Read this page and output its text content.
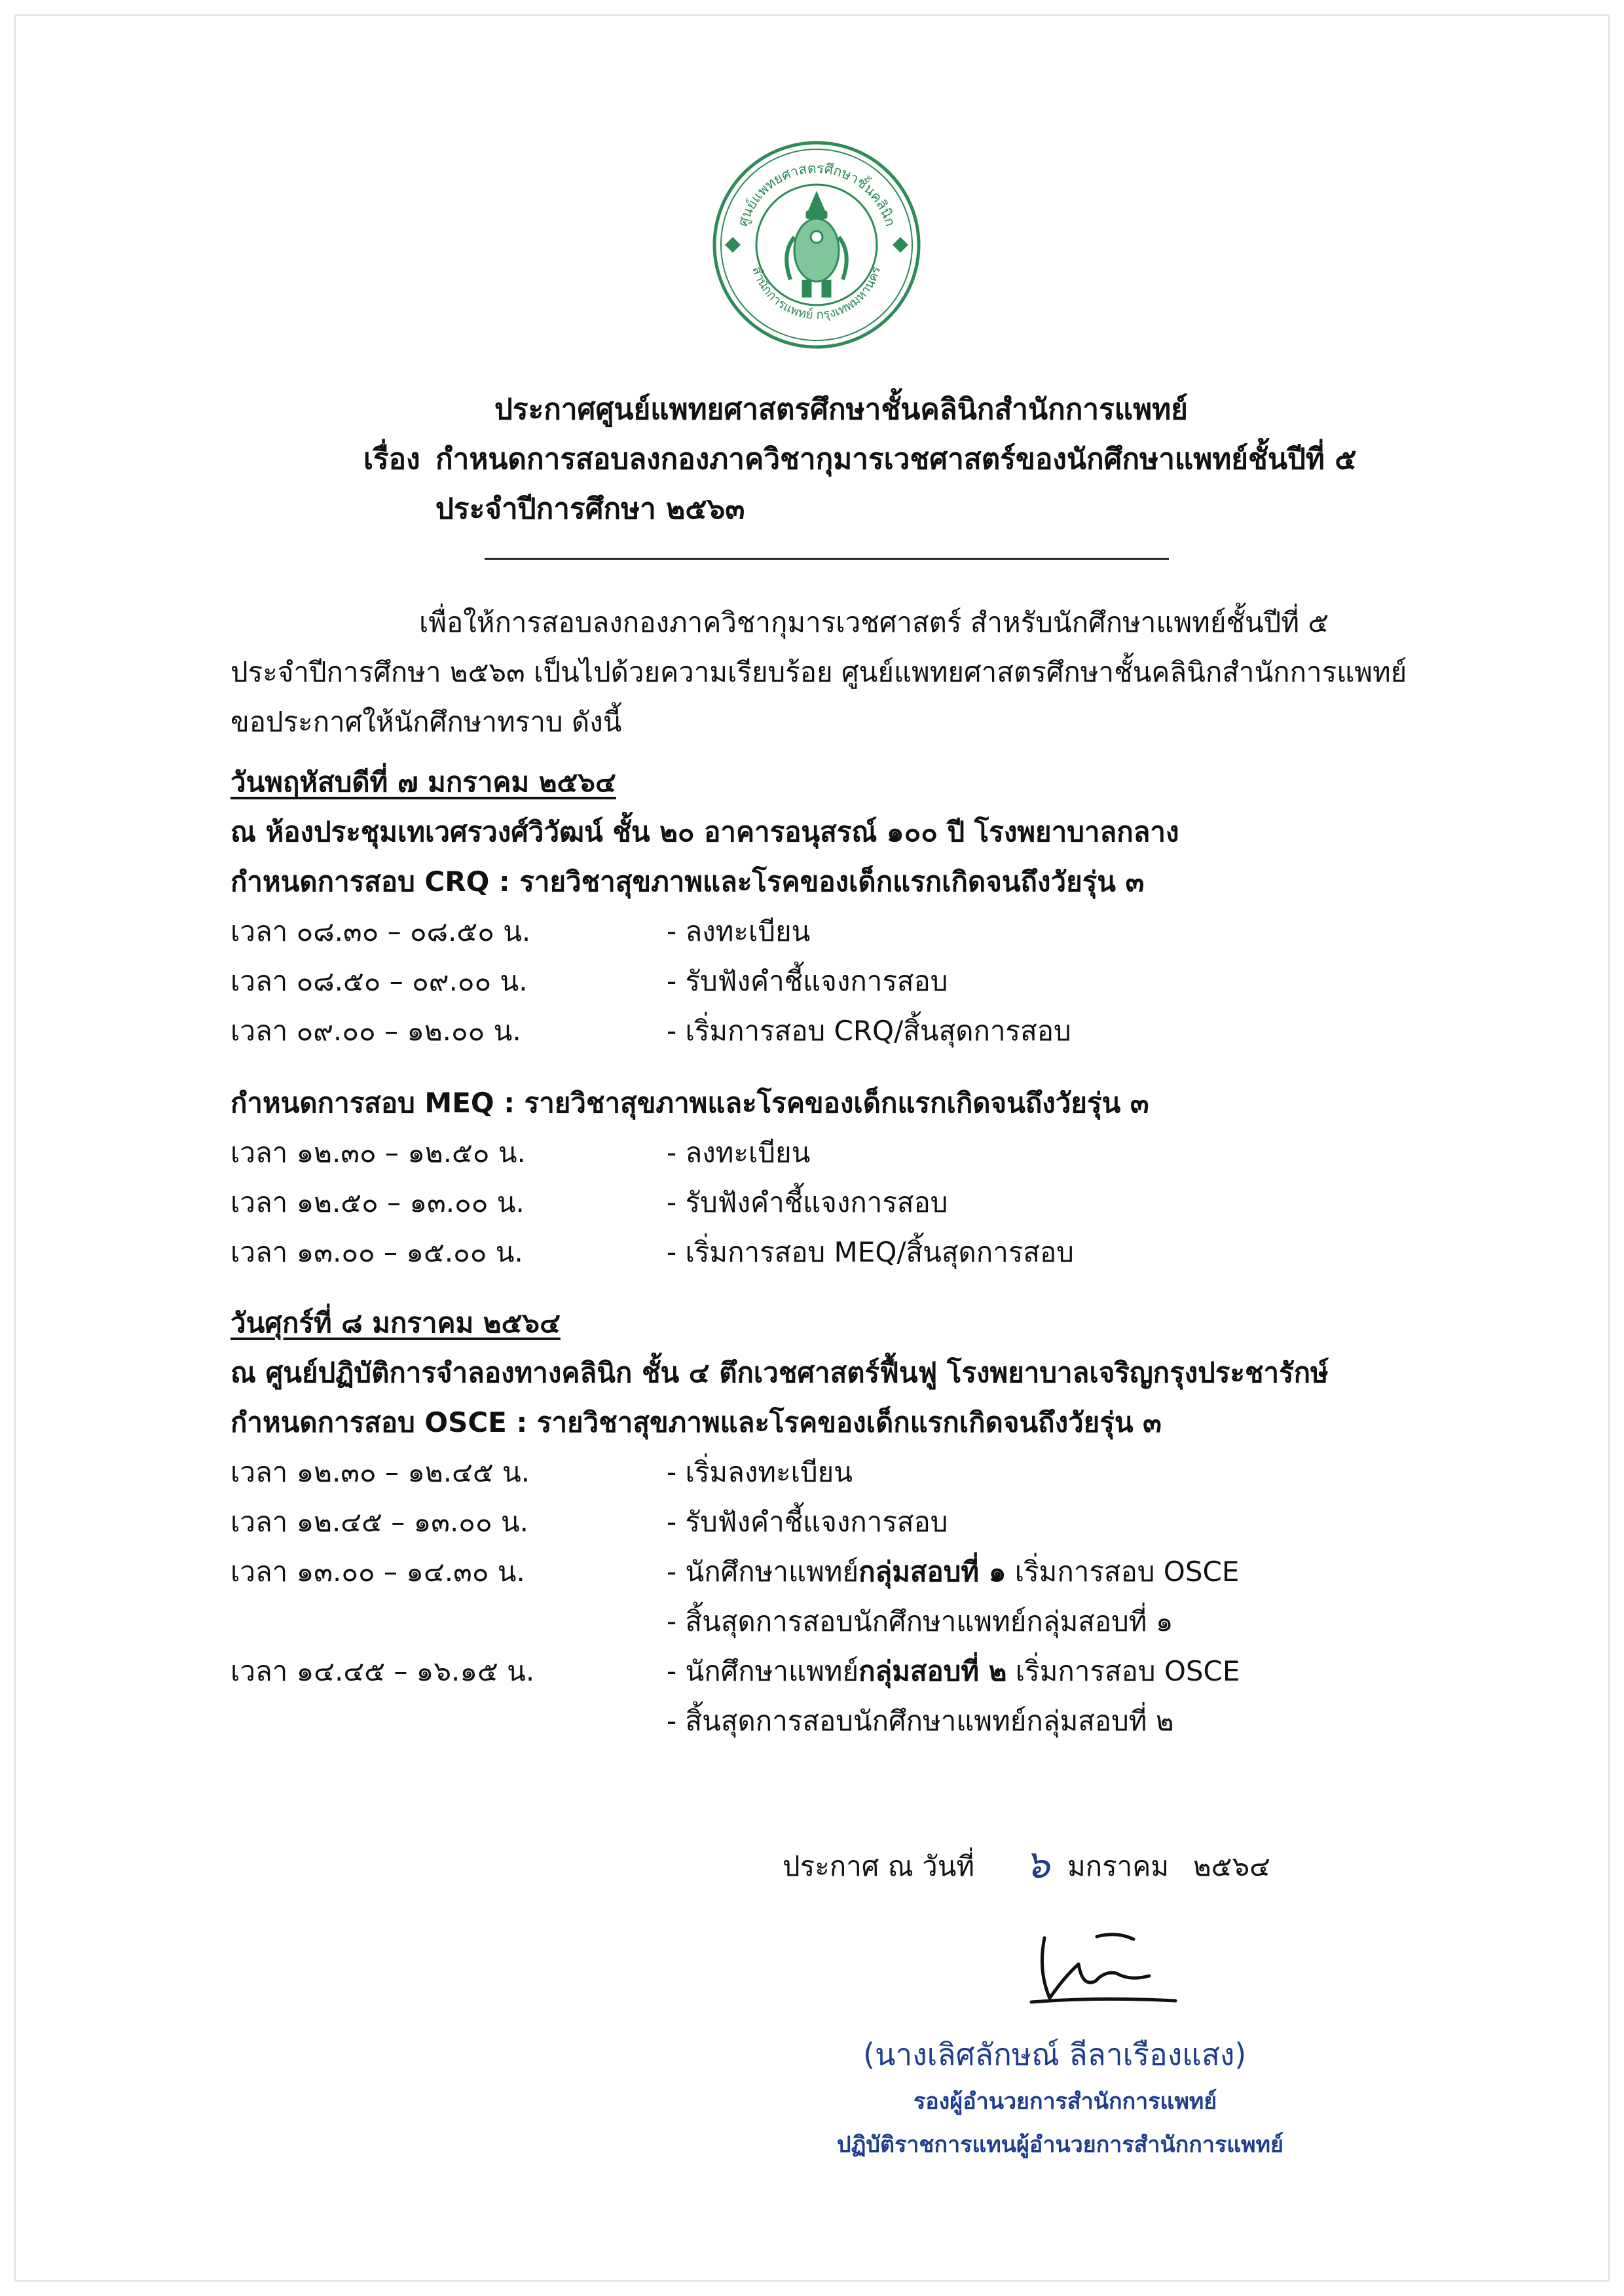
ศูนย์แพทยศาสตรศึกษาชั้นคลินิก
สำนักการแพทย์ กรุงเทพมหานคร
ประกาศศูนย์แพทยศาสตรศึกษาชั้นคลินิกสำนักการแพทย์
เรื่อง กำหนดการสอบลงกองภาควิชากุมารเวชศาสตร์ของนักศึกษาแพทย์ชั้นปีที่ ๕
ประจำปีการศึกษา ๒๕๖๓
เพื่อให้การสอบลงกองภาควิชากุมารเวชศาสตร์ สำหรับนักศึกษาแพทย์ชั้นปีที่ ๕
ประจำปีการศึกษา ๒๕๖๓ เป็นไปด้วยความเรียบร้อย ศูนย์แพทยศาสตรศึกษาชั้นคลินิกสำนักการแพทย์
ขอประกาศให้นักศึกษาทราบ ดังนี้
วันพฤหัสบดีที่ ๗ มกราคม ๒๕๖๔
ณ ห้องประชุมเทเวศรวงศ์วิวัฒน์ ชั้น ๒๐ อาคารอนุสรณ์ ๑๐๐ ปี โรงพยาบาลกลาง
กำหนดการสอบ CRQ : รายวิชาสุขภาพและโรคของเด็กแรกเกิดจนถึงวัยรุ่น ๓
เวลา ๐๘.๓๐ – ๐๘.๕๐ น.	- ลงทะเบียน
เวลา ๐๘.๕๐ – ๐๙.๐๐ น.	- รับฟังคำชี้แจงการสอบ
เวลา ๐๙.๐๐ – ๑๒.๐๐ น.	- เริ่มการสอบ CRQ/สิ้นสุดการสอบ
กำหนดการสอบ MEQ : รายวิชาสุขภาพและโรคของเด็กแรกเกิดจนถึงวัยรุ่น ๓
เวลา ๑๒.๓๐ – ๑๒.๕๐ น.	- ลงทะเบียน
เวลา ๑๒.๕๐ – ๑๓.๐๐ น.	- รับฟังคำชี้แจงการสอบ
เวลา ๑๓.๐๐ – ๑๕.๐๐ น.	- เริ่มการสอบ MEQ/สิ้นสุดการสอบ
วันศุกร์ที่ ๘ มกราคม ๒๕๖๔
ณ ศูนย์ปฏิบัติการจำลองทางคลินิก ชั้น ๔ ตึกเวชศาสตร์ฟื้นฟู โรงพยาบาลเจริญกรุงประชารักษ์
กำหนดการสอบ OSCE : รายวิชาสุขภาพและโรคของเด็กแรกเกิดจนถึงวัยรุ่น ๓
เวลา ๑๒.๓๐ – ๑๒.๔๕ น.	- เริ่มลงทะเบียน
เวลา ๑๒.๔๕ – ๑๓.๐๐ น.	- รับฟังคำชี้แจงการสอบ
เวลา ๑๓.๐๐ – ๑๔.๓๐ น.	- นักศึกษาแพทย์กลุ่มสอบที่ ๑ เริ่มการสอบ OSCE
- สิ้นสุดการสอบนักศึกษาแพทย์กลุ่มสอบที่ ๑
เวลา ๑๔.๔๕ – ๑๖.๑๕ น.	- นักศึกษาแพทย์กลุ่มสอบที่ ๒ เริ่มการสอบ OSCE
- สิ้นสุดการสอบนักศึกษาแพทย์กลุ่มสอบที่ ๒
ประกาศ ณ วันที่ ๖ มกราคม ๒๕๖๔
(นางเลิศลักษณ์ ลีลาเรืองแสง)
รองผู้อำนวยการสำนักการแพทย์
ปฏิบัติราชการแทนผู้อำนวยการสำนักการแพทย์
